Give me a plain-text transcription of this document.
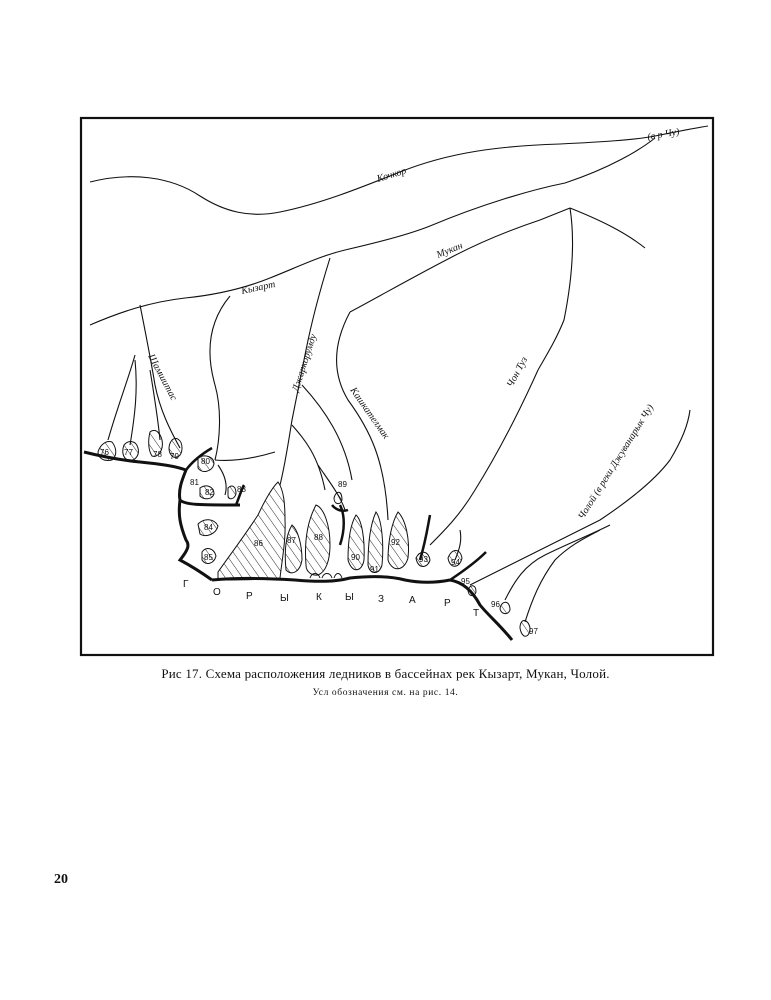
Кочкор
(в р Чу)
Кызарт
Мукан
Шамшитас	Джаркорумду
Кашкателмак
Чон Туз
Чолой (в реки Джуванарык Чу)
76 77	78 79
80
81
82	83
84
85
86	87 88
89
90
91
92
93	94
95
96
97
Г
О	Р	Ы	К Ы З А	Р
Т
Рис 17. Схема расположения ледников в бассейнах рек Кызарт, Мукан, Чолой.
Усл обозначения см. на рис. 14.
20
